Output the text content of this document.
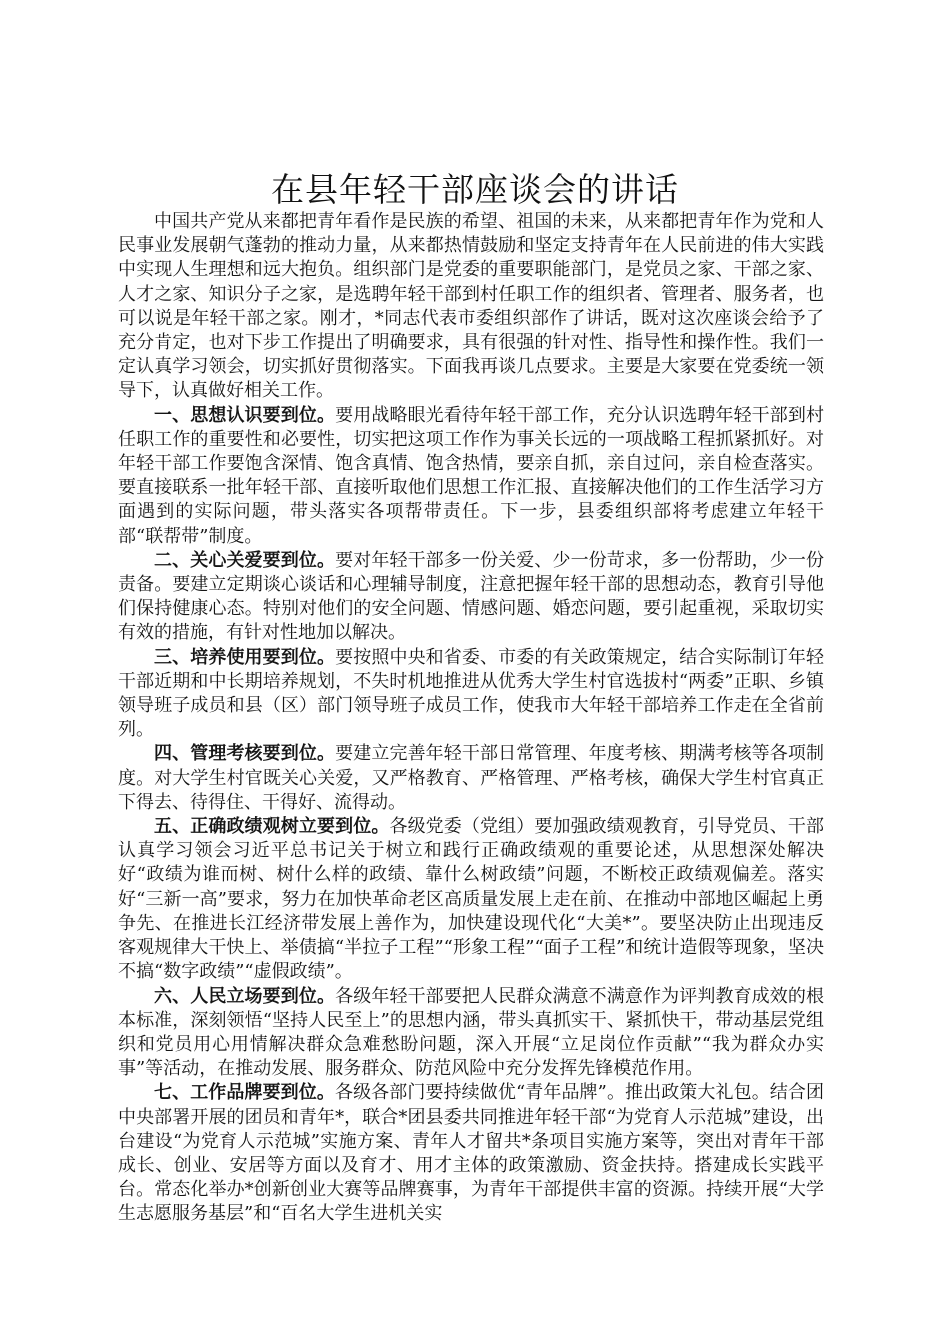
在县年轻干部座谈会的讲话

中国共产党从来都把青年看作是民族的希望、祖国的未来，从来都把青年作为党和人民事业发展朝气蓬勃的推动力量，从来都热情鼓励和坚定支持青年在人民前进的伟大实践中实现人生理想和远大抱负。组织部门是党委的重要职能部门，是党员之家、干部之家、人才之家、知识分子之家，是选聘年轻干部到村任职工作的组织者、管理者、服务者，也可以说是年轻干部之家。刚才，*同志代表市委组织部作了讲话，既对这次座谈会给予了充分肯定，也对下步工作提出了明确要求，具有很强的针对性、指导性和操作性。我们一定认真学习领会，切实抓好贯彻落实。下面我再谈几点要求。主要是大家要在党委统一领导下，认真做好相关工作。

一、思想认识要到位。要用战略眼光看待年轻干部工作，充分认识选聘年轻干部到村任职工作的重要性和必要性，切实把这项工作作为事关长远的一项战略工程抓紧抓好。对年轻干部工作要饱含深情、饱含真情、饱含热情，要亲自抓，亲自过问，亲自检查落实。要直接联系一批年轻干部、直接听取他们思想工作汇报、直接解决他们的工作生活学习方面遇到的实际问题，带头落实各项帮带责任。下一步，县委组织部将考虑建立年轻干部“联帮带”制度。

二、关心关爱要到位。要对年轻干部多一份关爱、少一份苛求，多一份帮助，少一份责备。要建立定期谈心谈话和心理辅导制度，注意把握年轻干部的思想动态，教育引导他们保持健康心态。特别对他们的安全问题、情感问题、婚恋问题，要引起重视，采取切实有效的措施，有针对性地加以解决。

三、培养使用要到位。要按照中央和省委、市委的有关政策规定，结合实际制订年轻干部近期和中长期培养规划，不失时机地推进从优秀大学生村官选拔村“两委”正职、乡镇领导班子成员和县（区）部门领导班子成员工作，使我市大年轻干部培养工作走在全省前列。

四、管理考核要到位。要建立完善年轻干部日常管理、年度考核、期满考核等各项制度。对大学生村官既关心关爱，又严格教育、严格管理、严格考核，确保大学生村官真正下得去、待得住、干得好、流得动。

五、正确政绩观树立要到位。各级党委（党组）要加强政绩观教育，引导党员、干部认真学习领会习近平总书记关于树立和践行正确政绩观的重要论述，从思想深处解决好“政绩为谁而树、树什么样的政绩、靠什么树政绩”问题，不断校正政绩观偏差。落实好“三新一高”要求，努力在加快革命老区高质量发展上走在前、在推动中部地区崛起上勇争先、在推进长江经济带发展上善作为，加快建设现代化“大美*”。要坚决防止出现违反客观规律大干快上、举债搞“半拉子工程”“形象工程”“面子工程”和统计造假等现象，坚决不搞“数字政绩”“虚假政绩”。

六、人民立场要到位。各级年轻干部要把人民群众满意不满意作为评判教育成效的根本标准，深刻领悟“坚持人民至上”的思想内涵，带头真抓实干、紧抓快干，带动基层党组织和党员用心用情解决群众急难愁盼问题，深入开展“立足岗位作贡献”“我为群众办实事”等活动，在推动发展、服务群众、防范风险中充分发挥先锋模范作用。

七、工作品牌要到位。各级各部门要持续做优“青年品牌”。推出政策大礼包。结合团中央部署开展的团员和青年*，联合*团县委共同推进年轻干部“为党育人示范城”建设，出台建设“为党育人示范城”实施方案、青年人才留共*条项目实施方案等，突出对青年干部成长、创业、安居等方面以及育才、用才主体的政策激励、资金扶持。搭建成长实践平台。常态化举办*创新创业大赛等品牌赛事，为青年干部提供丰富的资源。持续开展“大学生志愿服务基层”和“百名大学生进机关实
